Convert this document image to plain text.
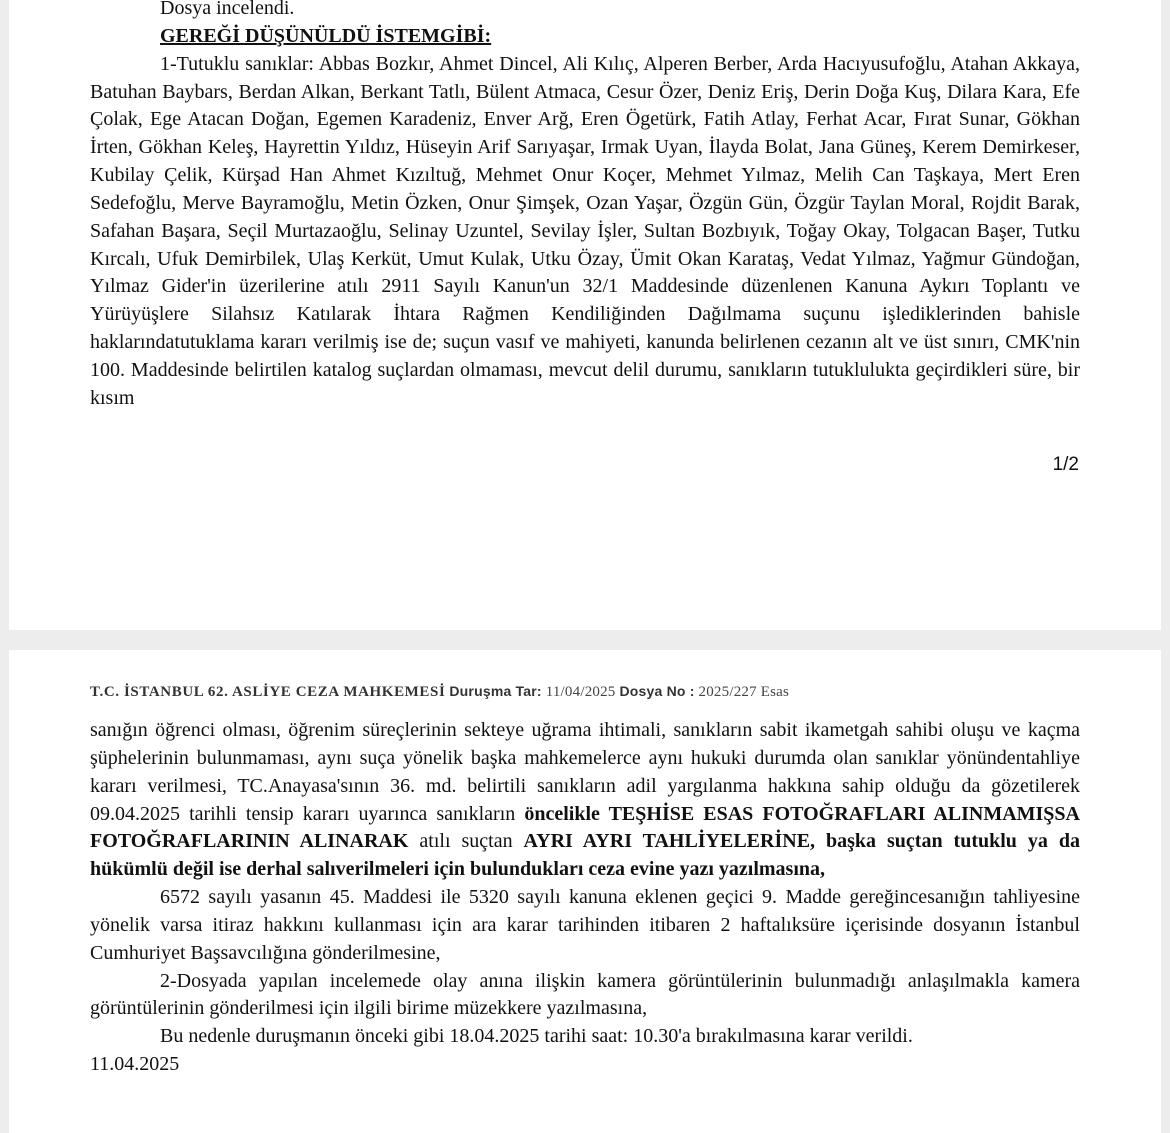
Dosya incelendi.

GEREĞİ DÜŞÜNÜLDÜ İSTEMGİBİ:

1-Tutuklu sanıklar: Abbas Bozkır, Ahmet Dincel, Ali Kılıç, Alperen Berber, Arda Hacıyusufoğlu, Atahan Akkaya, Batuhan Baybars, Berdan Alkan, Berkant Tatlı, Bülent Atmaca, Cesur Özer, Deniz Eriş, Derin Doğa Kuş, Dilara Kara, Efe Çolak, Ege Atacan Doğan, Egemen Karadeniz, Enver Arğ, Eren Ögetürk, Fatih Atlay, Ferhat Acar, Fırat Sunar, Gökhan İrten, Gökhan Keleş, Hayrettin Yıldız, Hüseyin Arif Sarıyaşar, Irmak Uyan, İlayda Bolat, Jana Güneş, Kerem Demirkeser, Kubilay Çelik, Kürşad Han Ahmet Kızıltuğ, Mehmet Onur Koçer, Mehmet Yılmaz, Melih Can Taşkaya, Mert Eren Sedefoğlu, Merve Bayramoğlu, Metin Özken, Onur Şimşek, Ozan Yaşar, Özgün Gün, Özgür Taylan Moral, Rojdit Barak, Safahan Başara, Seçil Murtazaoğlu, Selinay Uzuntel, Sevilay İşler, Sultan Bozbıyık, Toğay Okay, Tolgacan Başer, Tutku Kırcalı, Ufuk Demirbilek, Ulaş Kerküt, Umut Kulak, Utku Özay, Ümit Okan Karataş, Vedat Yılmaz, Yağmur Gündoğan, Yılmaz Gider'in üzerilerine atılı 2911 Sayılı Kanun'un 32/1 Maddesinde düzenlenen Kanuna Aykırı Toplantı ve Yürüyüşlere Silahsız Katılarak İhtara Rağmen Kendiliğinden Dağılmama suçunu işlediklerinden bahisle haklarındatutuklama kararı verilmiş ise de; suçun vasıf ve mahiyeti, kanunda belirlenen cezanın alt ve üst sınırı, CMK'nin 100. Maddesinde belirtilen katalog suçlardan olmaması, mevcut delil durumu, sanıkların tutuklulukta geçirdikleri süre, bir kısım

1/2
T.C. İSTANBUL 62. ASLİYE CEZA MAHKEMESİ Duruşma Tar: 11/04/2025 Dosya No : 2025/227 Esas

sanığın öğrenci olması, öğrenim süreçlerinin sekteye uğrama ihtimali, sanıkların sabit ikametgah sahibi oluşu ve kaçma şüphelerinin bulunmaması, aynı suça yönelik başka mahkemelerce aynı hukuki durumda olan sanıklar yönündentahliye kararı verilmesi, TC.Anayasa'sının 36. md. belirtili sanıkların adil yargılanma hakkına sahip olduğu da gözetilerek 09.04.2025 tarihli tensip kararı uyarınca sanıkların öncelikle TEŞHİSE ESAS FOTOĞRAFLARI ALINMAMIŞSA FOTOĞRAFLARININ ALINARAK atılı suçtan AYRI AYRI TAHLİYELERİNE, başka suçtan tutuklu ya da hükümlü değil ise derhal salıverilmeleri için bulundukları ceza evine yazı yazılmasına,

6572 sayılı yasanın 45. Maddesi ile 5320 sayılı kanuna eklenen geçici 9. Madde gereğincesanığın tahliyesine yönelik varsa itiraz hakkını kullanması için ara karar tarihinden itibaren 2 haftalıksüre içerisinde dosyanın İstanbul Cumhuriyet Başsavcılığına gönderilmesine,

2-Dosyada yapılan incelemede olay anına ilişkin kamera görüntülerinin bulunmadığı anlaşılmakla kamera görüntülerinin gönderilmesi için ilgili birime müzekkere yazılmasına,

Bu nedenle duruşmanın önceki gibi 18.04.2025 tarihi saat: 10.30'a bırakılmasına karar verildi.

11.04.2025
